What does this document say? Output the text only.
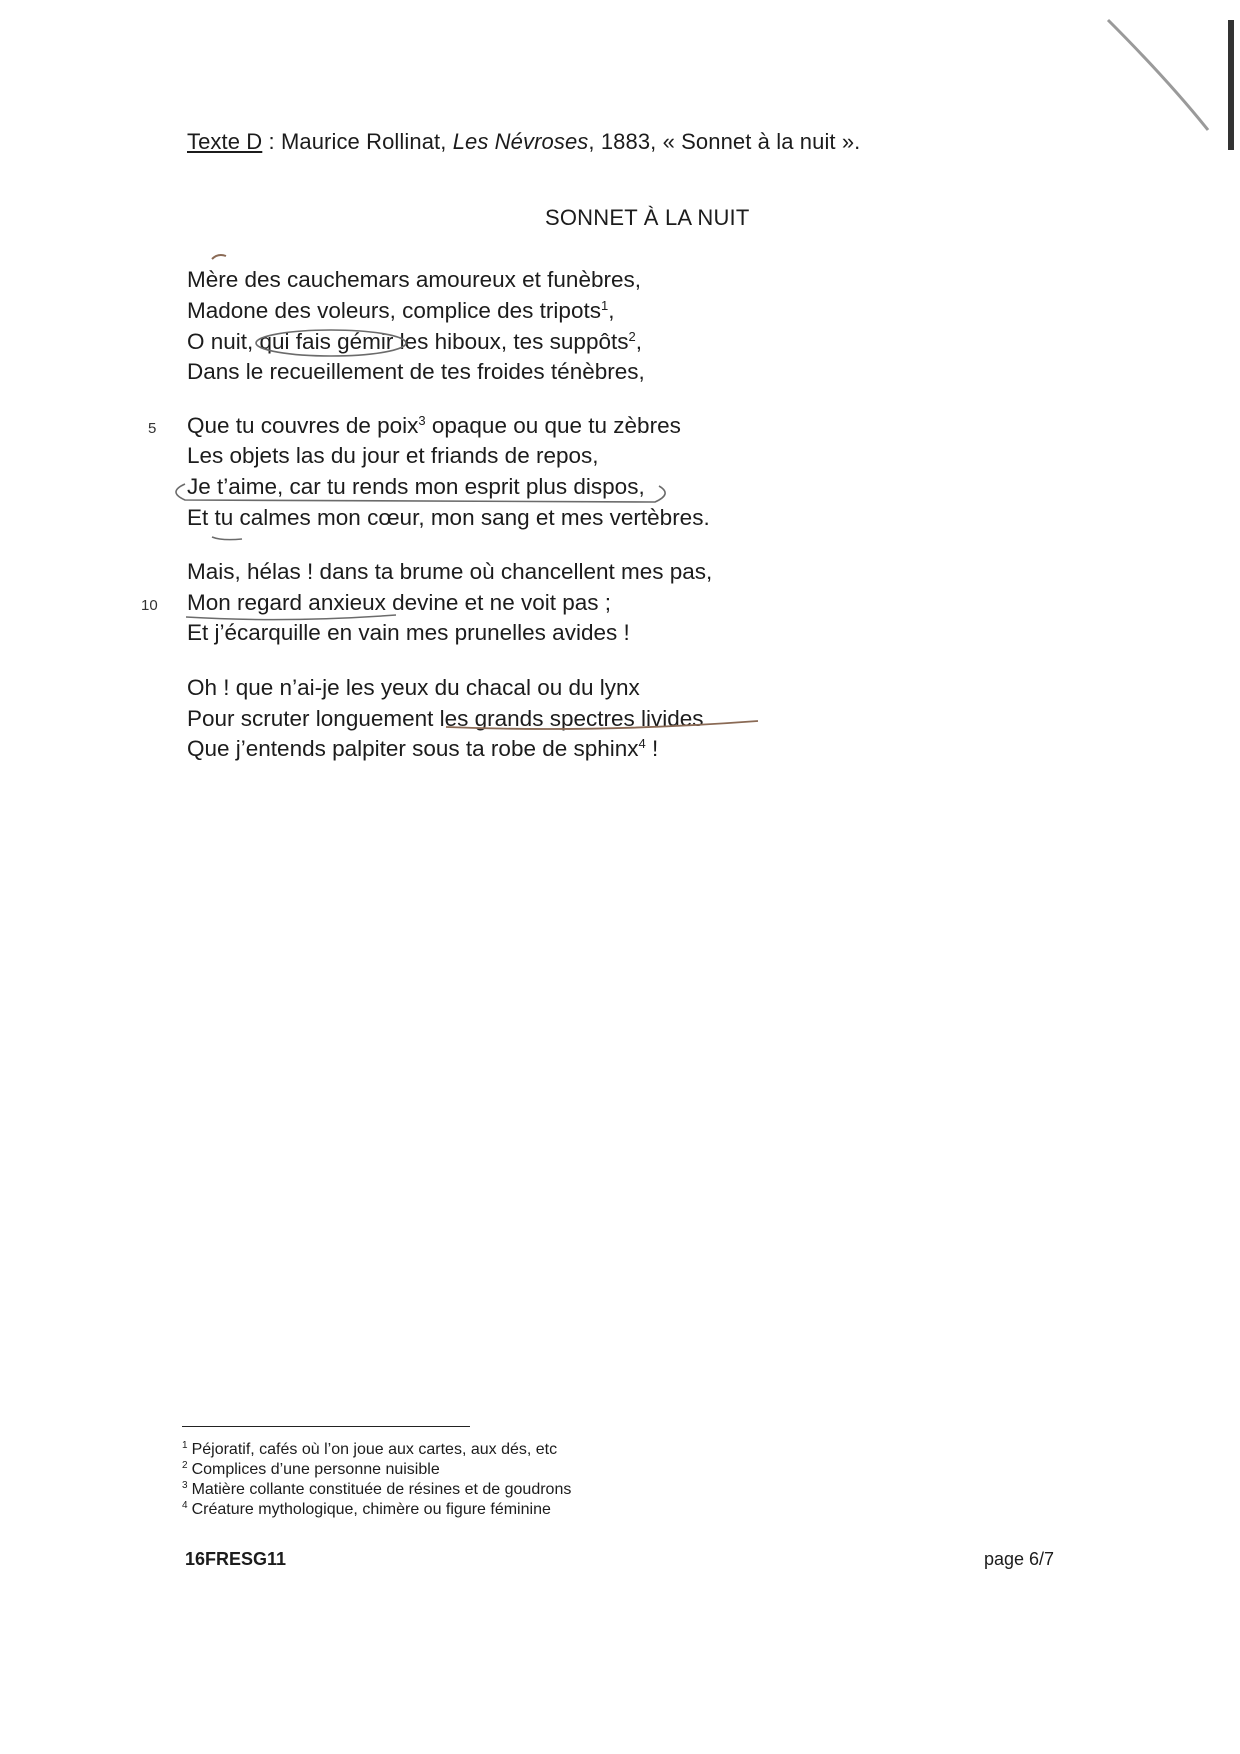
Texte D : Maurice Rollinat, Les Névroses, 1883, « Sonnet à la nuit ».
SONNET À LA NUIT
Mère des cauchemars amoureux et funèbres,
Madone des voleurs, complice des tripots$^1$,
O nuit, qui fais gémir les hiboux, tes suppôts$^2$,
Dans le recueillement de tes froides ténèbres,
Que tu couvres de poix$^3$ opaque ou que tu zèbres
Les objets las du jour et friands de repos,
Je t’aime, car tu rends mon esprit plus dispos,
Et tu calmes mon cœur, mon sang et mes vertèbres.
Mais, hélas ! dans ta brume où chancellent mes pas,
Mon regard anxieux devine et ne voit pas ;
Et j’écarquille en vain mes prunelles avides !
Oh ! que n’ai-je les yeux du chacal ou du lynx
Pour scruter longuement les grands spectres livides
Que j’entends palpiter sous ta robe de sphinx$^4$ !
5
10
$^1$ Péjoratif, cafés où l’on joue aux cartes, aux dés, etc
$^2$ Complices d’une personne nuisible
$^3$ Matière collante constituée de résines et de goudrons
$^4$ Créature mythologique, chimère ou figure féminine
16FRESG11	page 6/7
